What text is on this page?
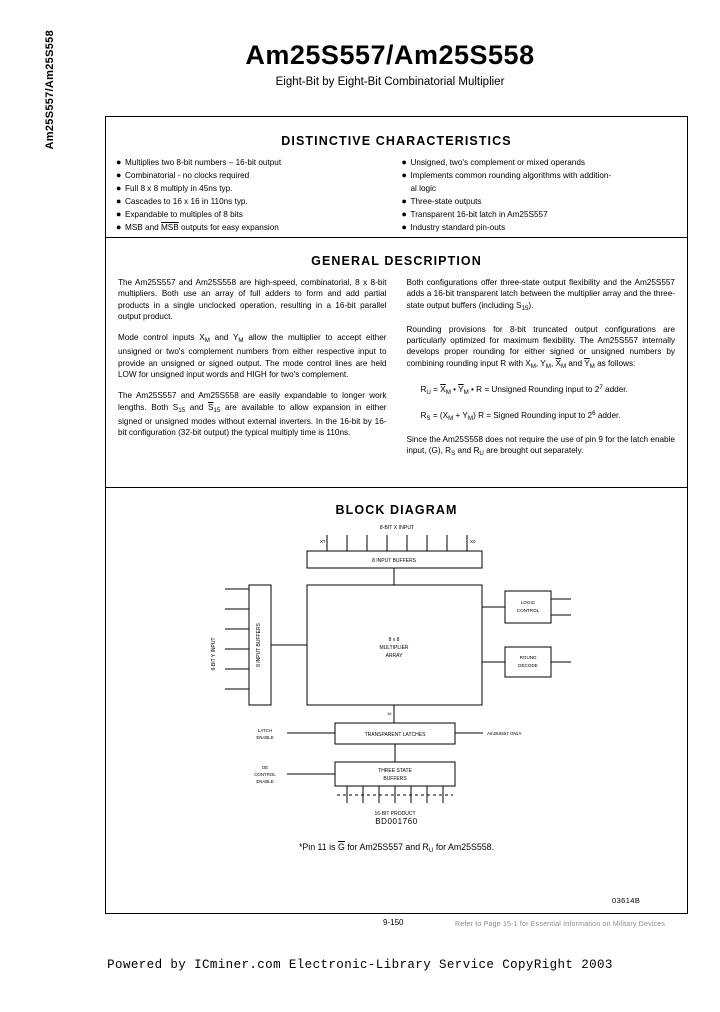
Am25S557/Am25S558	Am25S557/Am25S558
Eight-Bit by Eight-Bit Combinatorial Multiplier
DISTINCTIVE CHARACTERISTICS
● Multiplies two 8-bit numbers – 16-bit output
● Combinatorial - no clocks required
● Full 8 x 8 multiply in 45ns typ.
● Cascades to 16 x 16 in 110ns typ.
● Expandable to multiples of 8 bits
● MSB and $\overline{MSB}$ outputs for easy expansion
● Unsigned, two's complement or mixed operands
● Implements common rounding algorithms with addition-

al logic
● Three-state outputs
● Transparent 16-bit latch in Am25S557
● Industry standard pin-outs
GENERAL DESCRIPTION

The Am25S557 and Am25S558 are high-speed, combinatorial, 8 x 8-bit multipliers. Both use an array of full adders to form and add partial products in a single unclocked operation, resulting in a 16-bit parallel output product.

Mode control inputs $X_M$ and $Y_M$ allow the multiplier to accept either unsigned or two's complement numbers from either respective input to provide an unsigned or signed output. The mode control lines are held LOW for unsigned input words and HIGH for two's complement.

The Am25S557 and Am25S558 are easily expandable to longer work lengths. Both $S_{15}$ and $\overline{S}_{15}$ are available to allow expansion in either signed or unsigned modes without external inverters. In the 16-bit by 16-bit configuration (32-bit output) the typical multiply time is 110ns.

Both configurations offer three-state output flexibility and the Am25S557 adds a 16-bit transparent latch between the multiplier array and the three-state output buffers (including $S_{15}$).

Rounding provisions for 8-bit truncated output configurations are particularly optimized for maximum flexibility. The Am25S557 internally develops proper rounding for either signed or unsigned numbers by combining rounding input R with $X_M$, $Y_M$, $\overline{X}_M$ and $\overline{Y}_M$ as follows:

$R_U = \overline{X}_M$ • $\overline{Y}_M$ • R = Unsigned Rounding input to $2^7$ adder.
$R_S = (X_M + Y_M) R$ = Signed Rounding input to $2^6$ adder.

Since the Am25S558 does not require the use of pin 9 for the latch enable input, (G), $R_S$ and $R_U$ are brought out separately.

BLOCK DIAGRAM
8-BIT X INPUT
X7	X0
8 INPUT BUFFERS
8-BIT Y INPUT	8 INPUT BUFFERS	8 x 8
MULTIPLIER
ARRAY
LOGIC
CONTROL
ROUND
DECODE
16
LATCH
ENABLE	TRANSPARENT LATCHES	Am25S557 ONLY
OE
CONTROL
ENABLE
THREE STATE
BUFFERS
16-BIT PRODUCT
BD001760
*Pin 11 is $\overline{G}$ for Am25S557 and $R_U$ for Am25S558.
03614B
9-150	Refer to Page 15-1 for Essential Information on Military Devices
Powered by ICminer.com Electronic-Library Service CopyRight 2003
